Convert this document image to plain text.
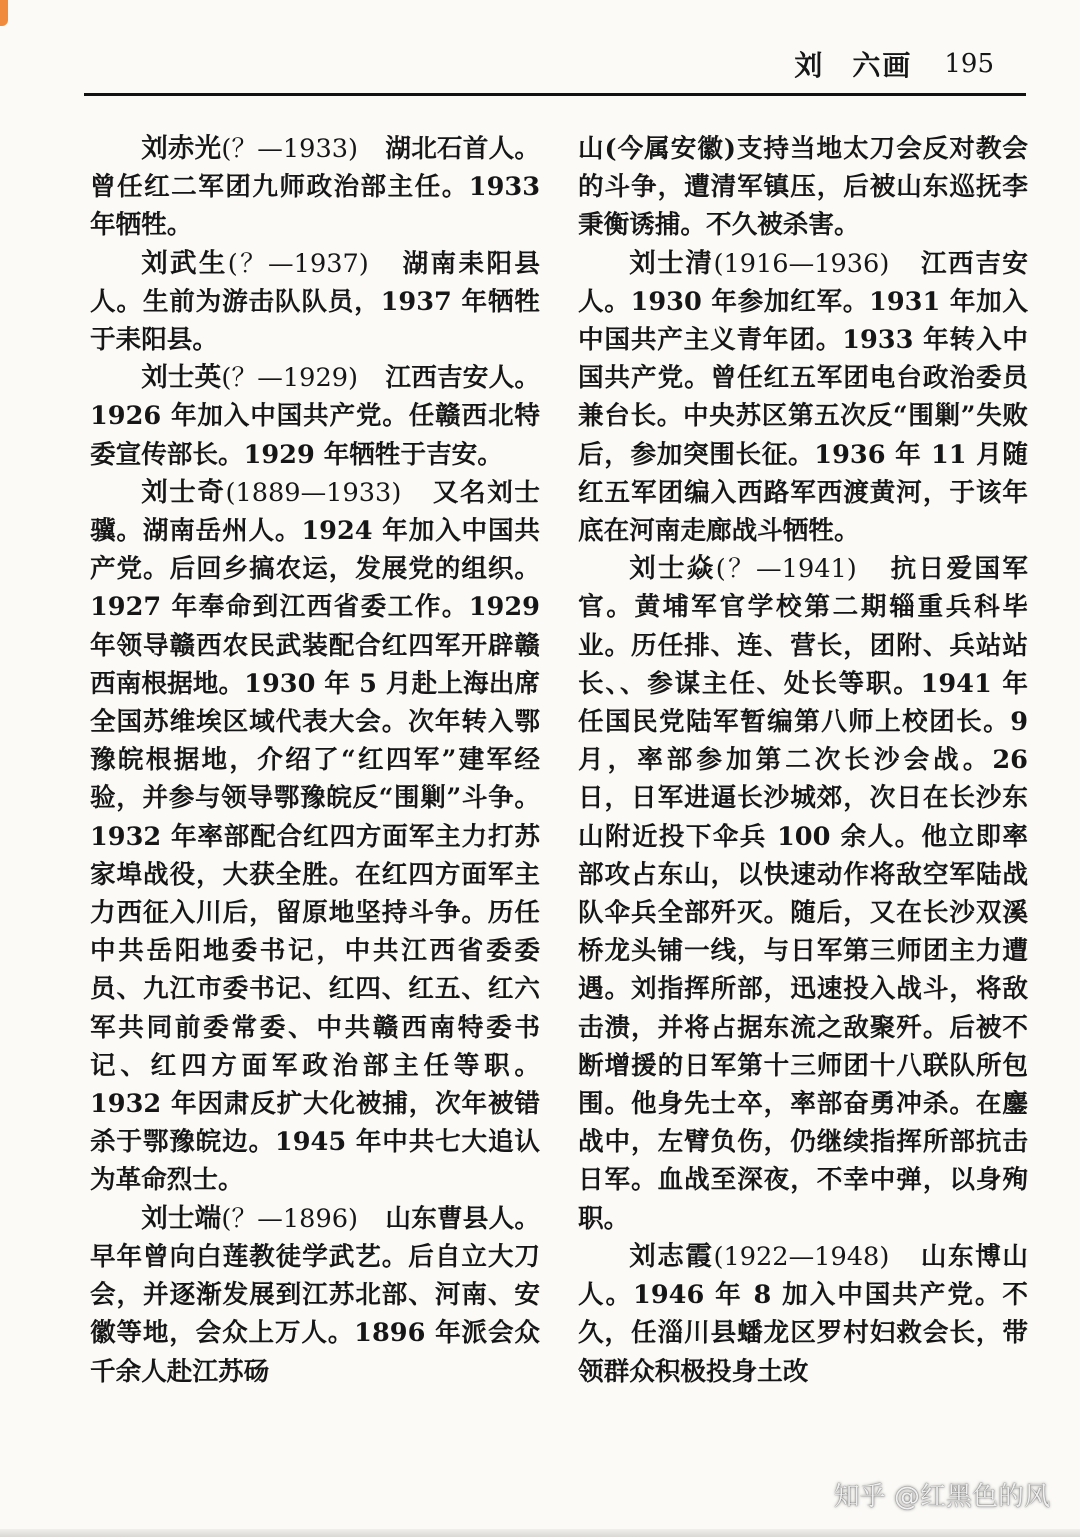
刘 六画 195

刘赤光(？—1933) 湖北石首人。曾任红二军团九师政治部主任。1933 年牺牲。

刘武生(？—1937) 湖南耒阳县人。生前为游击队队员，1937 年牺牲于耒阳县。

刘士英(？—1929) 江西吉安人。1926 年加入中国共产党。任赣西北特委宣传部长。1929 年牺牲于吉安。

刘士奇(1889—1933) 又名刘士骥。湖南岳州人。1924 年加入中国共产党。后回乡搞农运，发展党的组织。1927 年奉命到江西省委工作。1929 年领导赣西农民武装配合红四军开辟赣西南根据地。1930 年 5 月赴上海出席全国苏维埃区域代表大会。次年转入鄂豫皖根据地，介绍了“红四军”建军经验，并参与领导鄂豫皖反“围剿”斗争。1932 年率部配合红四方面军主力打苏家埠战役，大获全胜。在红四方面军主力西征入川后，留原地坚持斗争。历任中共岳阳地委书记，中共江西省委委员、九江市委书记、红四、红五、红六军共同前委常委、中共赣西南特委书记、红四方面军政治部主任等职。1932 年因肃反扩大化被捕，次年被错杀于鄂豫皖边。1945 年中共七大追认为革命烈士。

刘士端(？—1896) 山东曹县人。早年曾向白莲教徒学武艺。后自立大刀会，并逐渐发展到江苏北部、河南、安徽等地，会众上万人。1896 年派会众千余人赴江苏砀

山(今属安徽)支持当地太刀会反对教会的斗争，遭清军镇压，后被山东巡抚李秉衡诱捕。不久被杀害。

刘士清(1916—1936) 江西吉安人。1930 年参加红军。1931 年加入中国共产主义青年团。1933 年转入中国共产党。曾任红五军团电台政治委员兼台长。中央苏区第五次反“围剿”失败后，参加突围长征。1936 年 11 月随红五军团编入西路军西渡黄河，于该年底在河南走廊战斗牺牲。

刘士焱(？—1941) 抗日爱国军官。黄埔军官学校第二期辎重兵科毕业。历任排、连、营长，团附、兵站站长、、参谋主任、处长等职。1941 年任国民党陆军暂编第八师上校团长。9 月，率部参加第二次长沙会战。26 日，日军进逼长沙城郊，次日在长沙东山附近投下伞兵 100 余人。他立即率部攻占东山，以快速动作将敌空军陆战队伞兵全部歼灭。随后，又在长沙双溪桥龙头铺一线，与日军第三师团主力遭遇。刘指挥所部，迅速投入战斗，将敌击溃，并将占据东流之敌聚歼。后被不断增援的日军第十三师团十八联队所包围。他身先士卒，率部奋勇冲杀。在鏖战中，左臂负伤，仍继续指挥所部抗击日军。血战至深夜，不幸中弹，以身殉职。

刘志霞(1922—1948) 山东博山人。1946 年 8 加入中国共产党。不久，任淄川县蟠龙区罗村妇救会长，带领群众积极投身土改

知乎 @红黑色的风
